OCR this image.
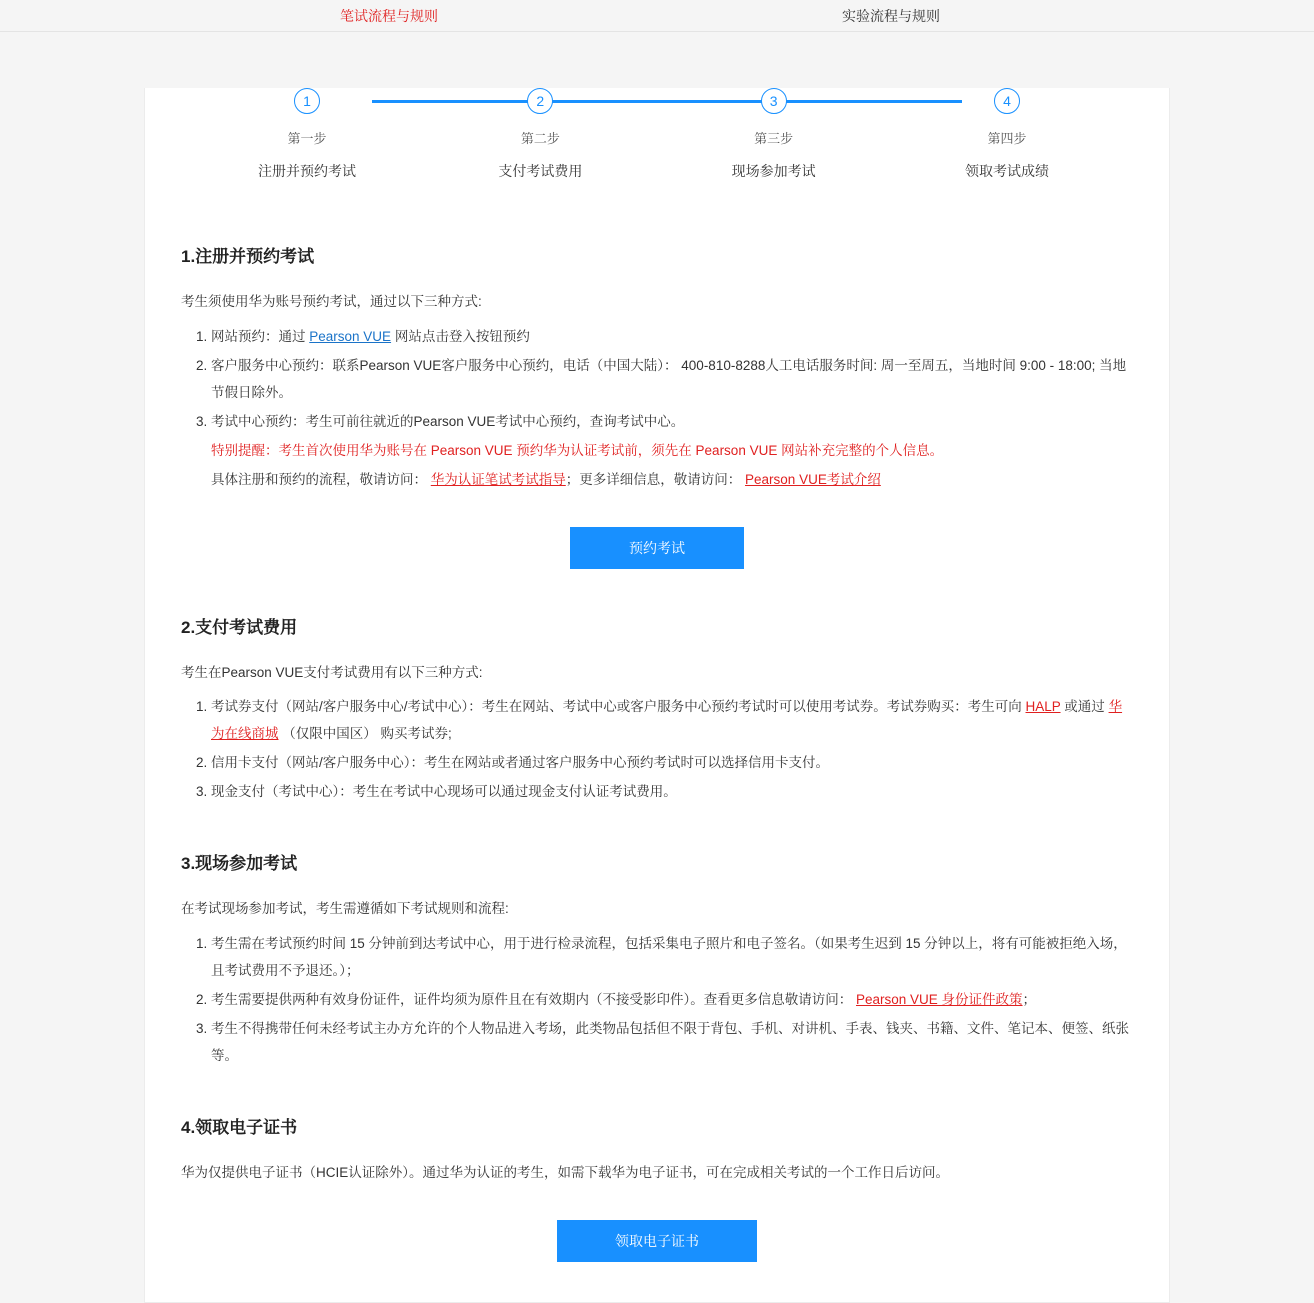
笔试流程与规则	实验流程与规则
1
第一步
注册并预约考试
2
第二步
支付考试费用
3
第三步
现场参加考试
4
第四步
领取考试成绩
1.注册并预约考试

考生须使用华为账号预约考试，通过以下三种方式:

1. 网站预约：通过 Pearson VUE 网站点击登入按钮预约
2. 客户服务中心预约：联系Pearson VUE客户服务中心预约，电话（中国大陆）： 400-810-8288人工电话服务时间: 周一至周五，当地时间 9:00 - 18:00; 当地节假日除外。
3. 考试中心预约：考生可前往就近的Pearson VUE考试中心预约，查询考试中心。
特别提醒：考生首次使用华为账号在 Pearson VUE 预约华为认证考试前，须先在 Pearson VUE 网站补充完整的个人信息。
具体注册和预约的流程，敬请访问： 华为认证笔试考试指导；更多详细信息，敬请访问： Pearson VUE考试介绍
预约考试
2.支付考试费用

考生在Pearson VUE支付考试费用有以下三种方式:

1. 考试券支付（网站/客户服务中心/考试中心）：考生在网站、考试中心或客户服务中心预约考试时可以使用考试券。考试券购买：考生可向 HALP 或通过 华为在线商城 （仅限中国区） 购买考试券;
2. 信用卡支付（网站/客户服务中心）：考生在网站或者通过客户服务中心预约考试时可以选择信用卡支付。
3. 现金支付（考试中心）：考生在考试中心现场可以通过现金支付认证考试费用。
3.现场参加考试

在考试现场参加考试，考生需遵循如下考试规则和流程:

1. 考生需在考试预约时间 15 分钟前到达考试中心，用于进行检录流程，包括采集电子照片和电子签名。（如果考生迟到 15 分钟以上，将有可能被拒绝入场，且考试费用不予退还。）；
2. 考生需要提供两种有效身份证件，证件均须为原件且在有效期内（不接受影印件）。查看更多信息敬请访问： Pearson VUE 身份证件政策；
3. 考生不得携带任何未经考试主办方允许的个人物品进入考场，此类物品包括但不限于背包、手机、对讲机、手表、钱夹、书籍、文件、笔记本、便签、纸张等。
4.领取电子证书

华为仅提供电子证书（HCIE认证除外）。通过华为认证的考生，如需下载华为电子证书，可在完成相关考试的一个工作日后访问。

领取电子证书
